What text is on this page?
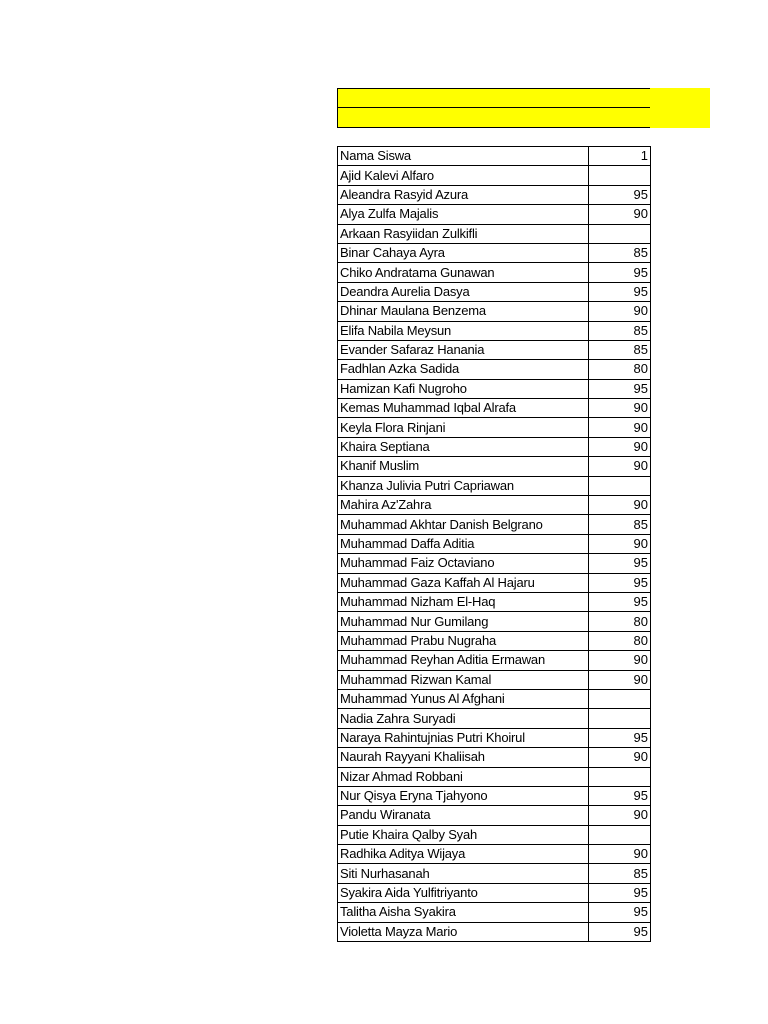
Nama Siswa	1
Ajid Kalevi Alfaro	
Aleandra Rasyid Azura	95
Alya Zulfa Majalis	90
Arkaan Rasyiidan Zulkifli	
Binar Cahaya Ayra	85
Chiko Andratama Gunawan	95
Deandra Aurelia Dasya	95
Dhinar Maulana Benzema	90
Elifa Nabila Meysun	85
Evander Safaraz Hanania	85
Fadhlan Azka Sadida	80
Hamizan Kafi Nugroho	95
Kemas Muhammad Iqbal Alrafa	90
Keyla Flora Rinjani	90
Khaira Septiana	90
Khanif Muslim	90
Khanza Julivia Putri Capriawan	
Mahira Az'Zahra	90
Muhammad Akhtar Danish Belgrano	85
Muhammad Daffa Aditia	90
Muhammad Faiz Octaviano	95
Muhammad Gaza Kaffah Al Hajaru	95
Muhammad Nizham El-Haq	95
Muhammad Nur Gumilang	80
Muhammad Prabu Nugraha	80
Muhammad Reyhan Aditia Ermawan	90
Muhammad Rizwan Kamal	90
Muhammad Yunus Al Afghani	
Nadia Zahra Suryadi	
Naraya Rahintujnias Putri Khoirul	95
Naurah Rayyani Khaliisah	90
Nizar Ahmad Robbani	
Nur Qisya Eryna Tjahyono	95
Pandu Wiranata	90
Putie Khaira Qalby Syah	
Radhika Aditya Wijaya	90
Siti Nurhasanah	85
Syakira Aida Yulfitriyanto	95
Talitha Aisha Syakira	95
Violetta Mayza Mario	95
